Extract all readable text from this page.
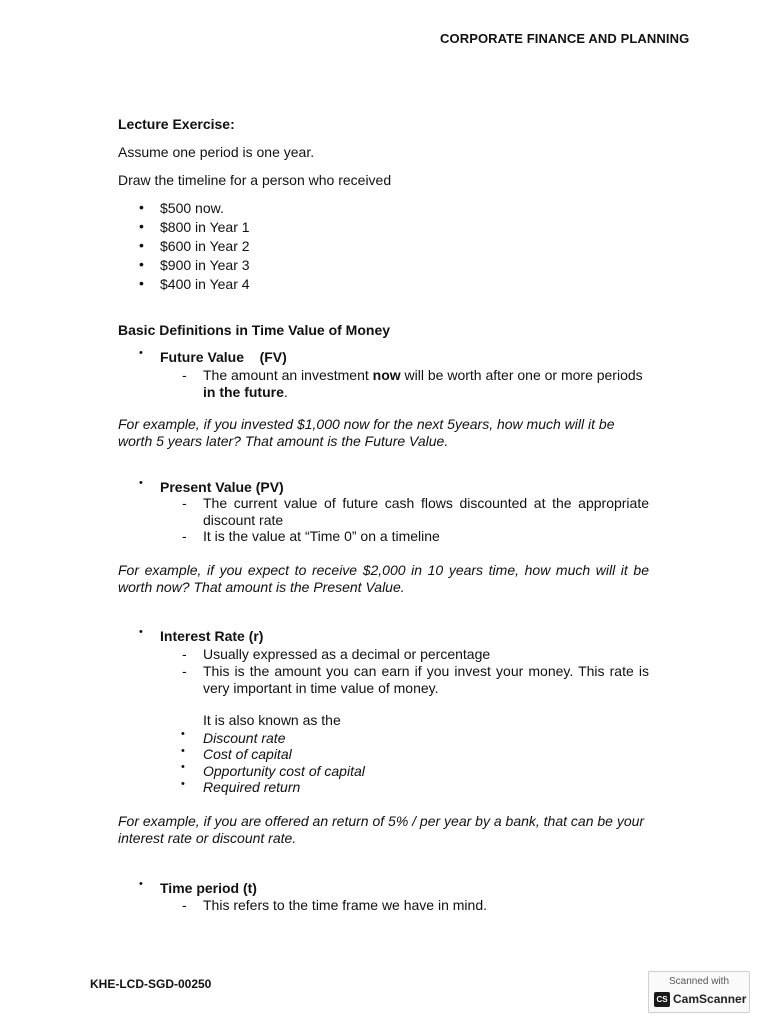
CORPORATE FINANCE AND PLANNING
Lecture Exercise:
Assume one period is one year.
Draw the timeline for a person who received
• $500 now.
• $800 in Year 1
• $600 in Year 2
• $900 in Year 3
• $400 in Year 4
Basic Definitions in Time Value of Money
• Future Value    (FV)
- The amount an investment now will be worth after one or more periods
in the future.
For example, if you invested $1,000 now for the next 5years, how much will it be worth 5 years later? That amount is the Future Value.
• Present Value (PV)
- The current value of future cash flows discounted at the appropriate discount rate
- It is the value at “Time 0” on a timeline
For example, if you expect to receive $2,000 in 10 years time, how much will it be worth now? That amount is the Present Value.
• Interest Rate (r)
- Usually expressed as a decimal or percentage
- This is the amount you can earn if you invest your money. This rate is very important in time value of money.
It is also known as the
• Discount rate
• Cost of capital
• Opportunity cost of capital
• Required return
For example, if you are offered an return of 5% / per year by a bank, that can be your interest rate or discount rate.
• Time period (t)
- This refers to the time frame we have in mind.
KHE-LCD-SGD-00250	Scanned with
CS CamScanner
